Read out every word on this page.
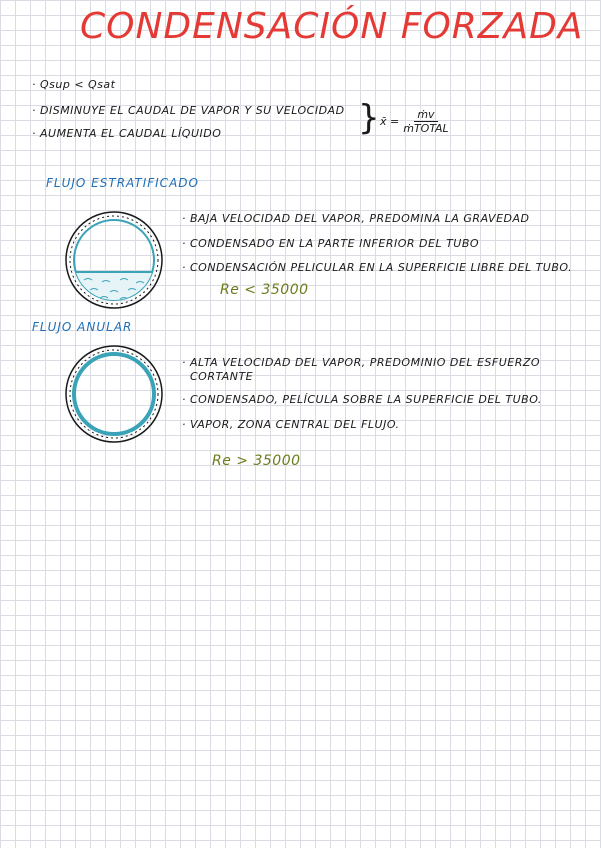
CONDENSACIÓN FORZADA
· Qsup < Qsat
· DISMINUYE EL CAUDAL DE VAPOR Y SU VELOCIDAD
· AUMENTA EL CAUDAL LÍQUIDO	} x̄ =
ṁv
ṁTOTAL
FLUJO ESTRATIFICADO
· BAJA VELOCIDAD DEL VAPOR, PREDOMINA LA GRAVEDAD
· CONDENSADO EN LA PARTE INFERIOR DEL TUBO
· CONDENSACIÓN PELICULAR EN LA SUPERFICIE LIBRE DEL TUBO.
Re < 35000
FLUJO ANULAR
· ALTA VELOCIDAD DEL VAPOR, PREDOMINIO DEL ESFUERZO
CORTANTE
· CONDENSADO, PELÍCULA SOBRE LA SUPERFICIE DEL TUBO.
· VAPOR, ZONA CENTRAL DEL FLUJO.
Re > 35000
